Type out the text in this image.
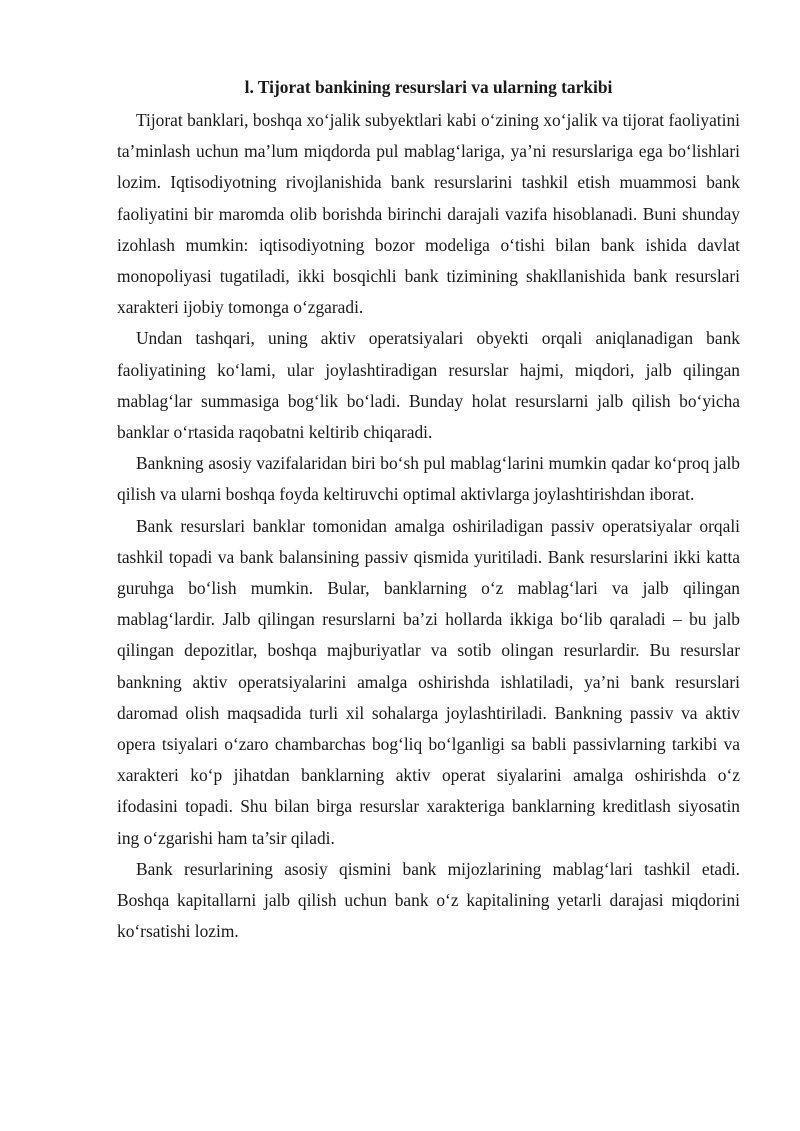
l. Tijorat bankining resurslari va ularning tarkibi

Tijorat banklari, boshqa xo‘jalik subyektlari kabi o‘zining xo‘jalik va tijorat faoliyatini ta’minlash uchun ma’lum miqdorda pul mablag‘lariga, ya’ni resurslariga ega bo‘lishlari lozim. Iqtisodiyotning rivojlanishida bank resurslarini tashkil etish muammosi bank faoliyatini bir maromda olib borishda birinchi darajali vazifa hisoblanadi. Buni shunday izohlash mumkin: iqtisodiyotning bozor modeliga o‘tishi bilan bank ishida davlat monopoliyasi tugatiladi, ikki bosqichli bank tizimining shakllanishida bank resurslari xarakteri ijobiy tomonga o‘zgaradi.

Undan tashqari, uning aktiv operatsiyalari obyekti orqali aniqlanadigan bank faoliyatining ko‘lami, ular joylashtiradigan resurslar hajmi, miqdori, jalb qilingan mablag‘lar summasiga bog‘lik bo‘ladi. Bunday holat resurslarni jalb qilish bo‘yicha banklar o‘rtasida raqobatni keltirib chiqaradi.

Bankning asosiy vazifalaridan biri bo‘sh pul mablag‘larini mumkin qadar ko‘proq jalb qilish va ularni boshqa foyda keltiruvchi optimal aktivlarga joylashtirishdan iborat.

Bank resurslari banklar tomonidan amalga oshiriladigan passiv operatsiyalar orqali tashkil topadi va bank balansining passiv qismida yuritiladi. Bank resurslarini ikki katta guruhga bo‘lish mumkin. Bular, banklarning o‘z mablag‘lari va jalb qilingan mablag‘lardir. Jalb qilingan resurslarni ba’zi hollarda ikkiga bo‘lib qaraladi – bu jalb qilingan depozitlar, boshqa majburiyatlar va sotib olingan resurlardir. Bu resurslar bankning aktiv operatsiyalarini amalga oshirishda ishlatiladi, ya’ni bank resurslari daromad olish maqsadida turli xil sohalarga joylashtiriladi. Bankning passiv va aktiv opera tsiyalari o‘zaro chambarchas bog‘liq bo‘lganligi sa babli passivlarning tarkibi va xarakteri ko‘p jihatdan banklarning aktiv operat siyalarini amalga oshirishda o‘z ifodasini topadi. Shu bilan birga resurslar xarakteriga banklarning kreditlash siyosatin ing o‘zgarishi ham ta’sir qiladi.

Bank resurlarining asosiy qismini bank mijozlarining mablag‘lari tashkil etadi. Boshqa kapitallarni jalb qilish uchun bank o‘z kapitalining yetarli darajasi miqdorini ko‘rsatishi lozim.
